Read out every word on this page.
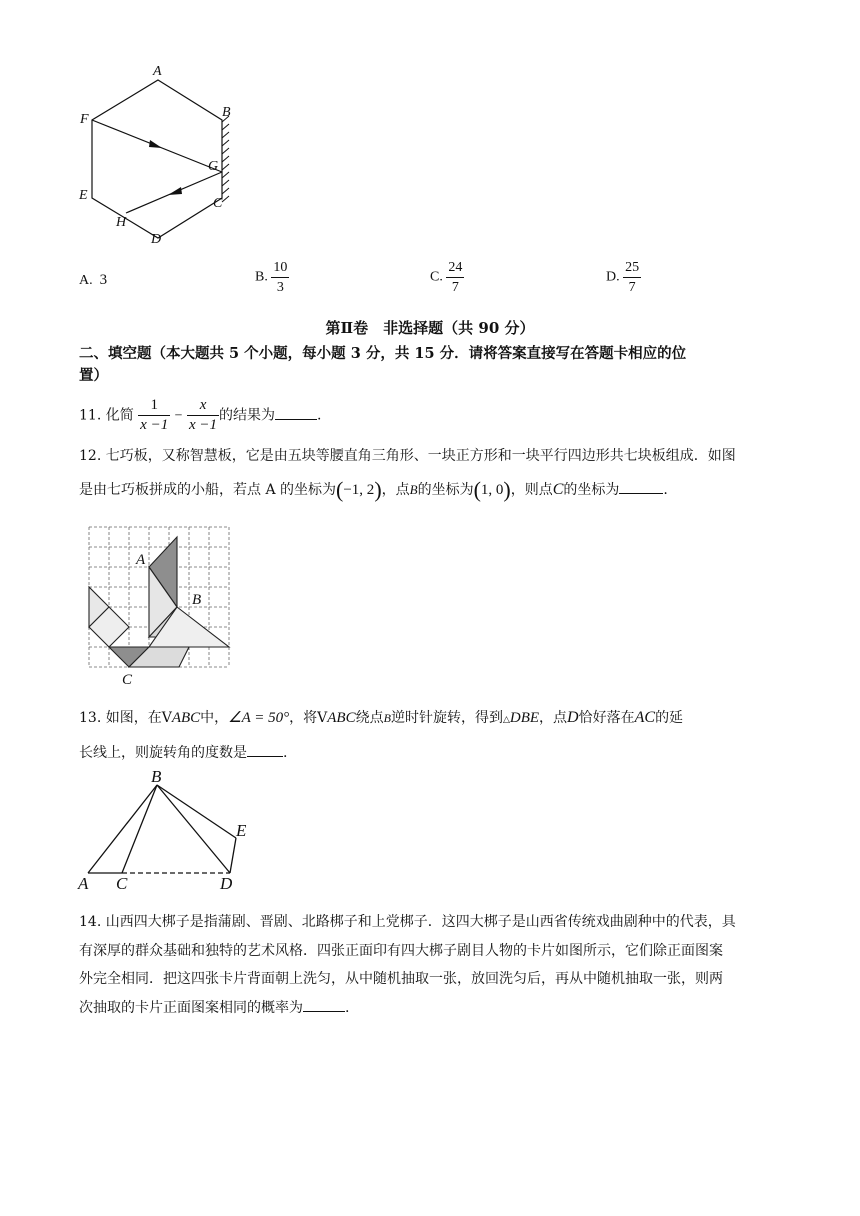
A
B
C
D
E
F
G
H
A. 3	B. $\frac{10}{3}$	C. $\frac{24}{7}$	D. $\frac{25}{7}$
第Ⅱ卷　非选择题（共 90 分）
二、填空题（本大题共 5 个小题，每小题 3 分，共 15 分．请将答案直接写在答题卡相应的位
置）
11. 化简 $\frac{1}{x -1} - \frac{x}{x -1}$ 的结果为	.
12. 七巧板，又称智慧板，它是由五块等腰直角三角形、一块正方形和一块平行四边形共七块板组成．如图
是由七巧板拼成的小船，若点 A 的坐标为(−1, 2)，点B的坐标为(1, 0)，则点C的坐标为	.
A
B
C
13. 如图，在VABC中，∠A = 50°，将VABC绕点B逆时针旋转，得到△DBE，点D恰好落在AC的延
长线上，则旋转角的度数是	.
A
B
C	D
E
14. 山西四大梆子是指蒲剧、晋剧、北路梆子和上党梆子．这四大梆子是山西省传统戏曲剧种中的代表，具
有深厚的群众基础和独特的艺术风格．四张正面印有四大梆子剧目人物的卡片如图所示，它们除正面图案
外完全相同．把这四张卡片背面朝上洗匀，从中随机抽取一张，放回洗匀后，再从中随机抽取一张，则两
次抽取的卡片正面图案相同的概率为	.
